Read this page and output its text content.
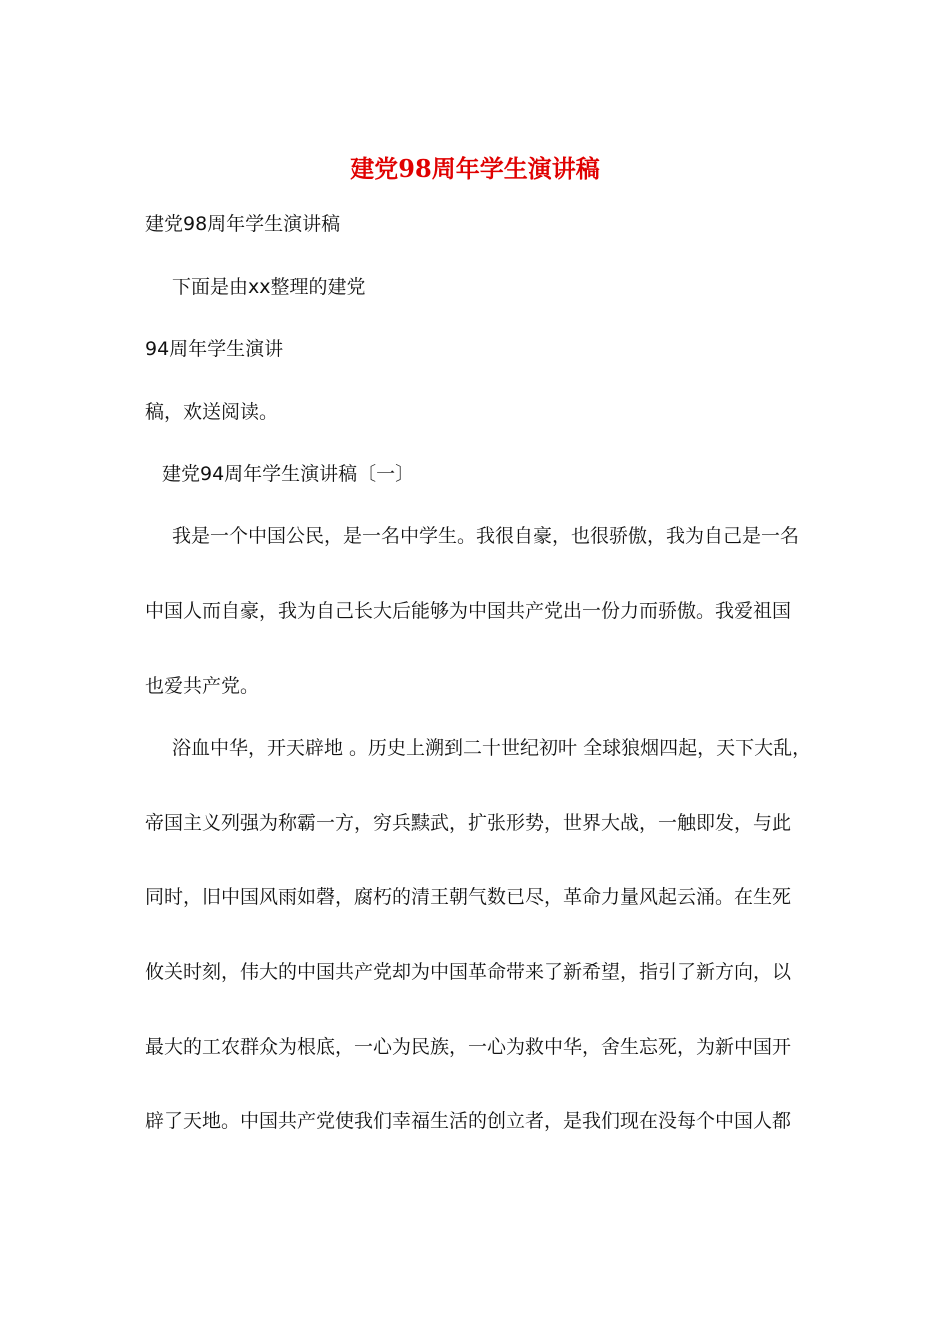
建党98周年学生演讲稿
建党98周年学生演讲稿
下面是由xx整理的建党
94周年学生演讲
稿，欢送阅读。
建党94周年学生演讲稿〔一〕
我是一个中国公民，是一名中学生。我很自豪，也很骄傲，我为自己是一名
中国人而自豪，我为自己长大后能够为中国共产党出一份力而骄傲。我爱祖国
也爱共产党。
浴血中华，开天辟地 。历史上溯到二十世纪初叶 全球狼烟四起，天下大乱，
帝国主义列强为称霸一方，穷兵黩武，扩张形势，世界大战，一触即发，与此
同时，旧中国风雨如磬，腐朽的清王朝气数已尽，革命力量风起云涌。在生死
攸关时刻，伟大的中国共产党却为中国革命带来了新希望，指引了新方向，以
最大的工农群众为根底，一心为民族，一心为救中华，舍生忘死，为新中国开
辟了天地。中国共产党使我们幸福生活的创立者，是我们现在没每个中国人都
